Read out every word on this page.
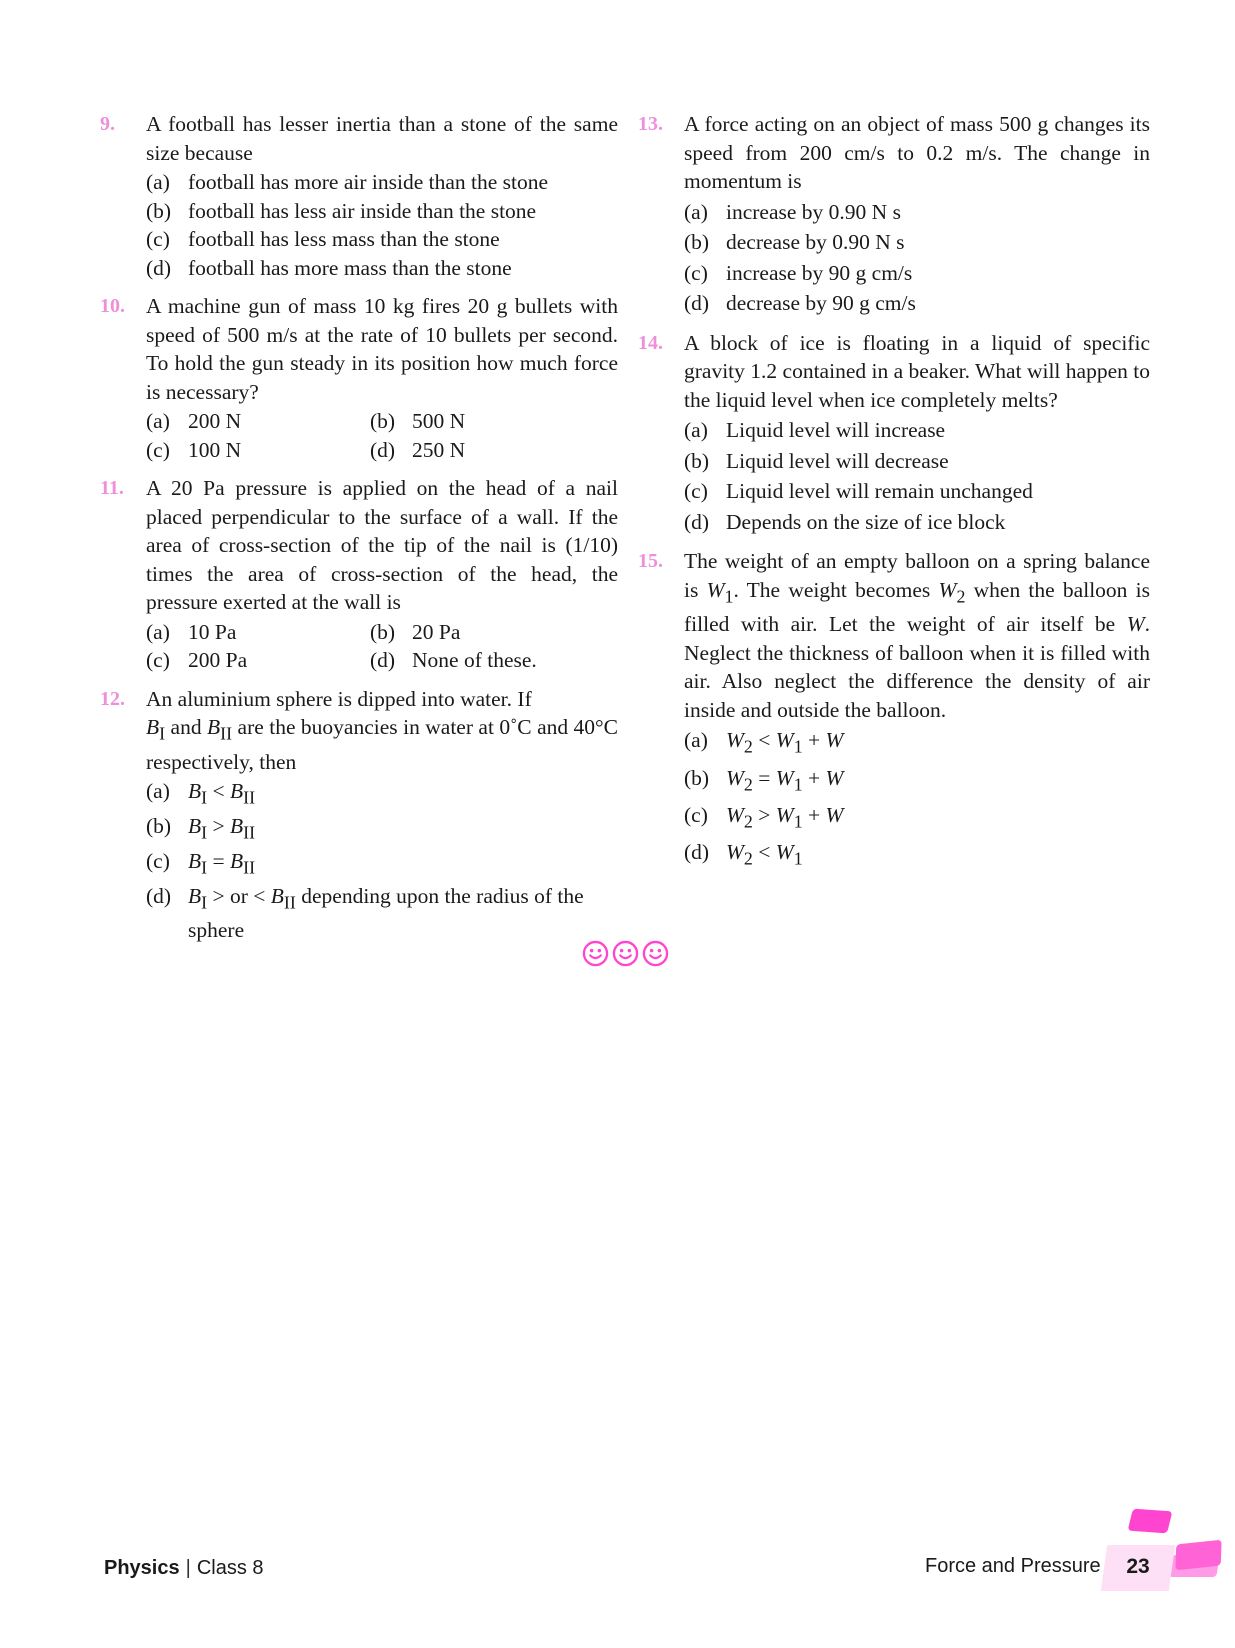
9.	A football has lesser inertia than a stone of the same size because
(a) football has more air inside than the stone
(b) football has less air inside than the stone
(c) football has less mass than the stone
(d) football has more mass than the stone
10. A machine gun of mass 10 kg fires 20 g bullets with speed of 500 m/s at the rate of 10 bullets per second. To hold the gun steady in its position how much force is necessary?
(a) 200 N	(b) 500 N
(c) 100 N	(d) 250 N
11.	A 20 Pa pressure is applied on the head of a nail placed perpendicular to the surface of a wall. If the area of cross-section of the tip of the nail is (1/10) times the area of cross-section of the head, the pressure exerted at the wall is
(a) 10 Pa	(b) 20 Pa
(c) 200 Pa	(d) None of these.
12. An aluminium sphere is dipped into water. If
$B_I$ and $B_{II}$ are the buoyancies in water at 0˚C and 40°C respectively, then
(a) $B_I < B_{II}$
(b) $B_I > B_{II}$
(c) $B_I = B_{II}$
(d) $B_I$ > or < $B_{II}$ depending upon the radius of the sphere
13. A force acting on an object of mass 500 g changes its speed from 200 cm/s to 0.2 m/s. The change in momentum is
(a) increase by 0.90 N s
(b) decrease by 0.90 N s
(c) increase by 90 g cm/s
(d) decrease by 90 g cm/s
14. A block of ice is floating in a liquid of specific gravity 1.2 contained in a beaker. What will happen to the liquid level when ice completely melts?
(a) Liquid level will increase
(b) Liquid level will decrease
(c) Liquid level will remain unchanged
(d) Depends on the size of ice block
15. The weight of an empty balloon on a spring balance is $W_1$. The weight becomes $W_2$ when the balloon is filled with air. Let the weight of air itself be W. Neglect the thickness of balloon when it is filled with air. Also neglect the difference the density of air inside and outside the balloon.
(a) $W_2 < W_1 + W$
(b) $W_2 = W_1 + W$
(c) $W_2 > W_1 + W$
(d) $W_2 < W_1$
Physics | Class 8	Force and Pressure	23
